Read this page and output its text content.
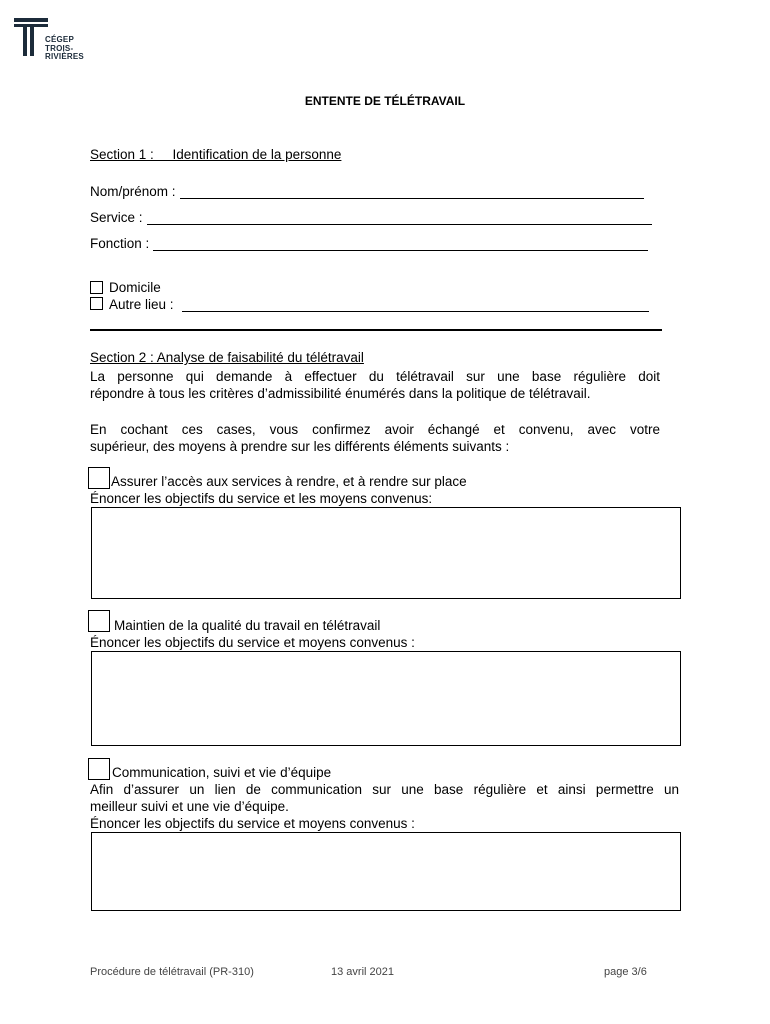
CÉGEP
TROIS-
RIVIÈRES
ENTENTE DE TÉLÉTRAVAIL
Section 1 :     Identification de la personne
Nom/prénom :
Service :
Fonction :
Domicile
Autre lieu :
Section 2 : Analyse de faisabilité du télétravail
La personne qui demande à effectuer du télétravail sur une base régulière doit
répondre à tous les critères d’admissibilité énumérés dans la politique de télétravail.
En cochant ces cases, vous confirmez avoir échangé et convenu, avec votre
supérieur, des moyens à prendre sur les différents éléments suivants :
Assurer l’accès aux services à rendre, et à rendre sur place
Énoncer les objectifs du service et les moyens convenus:
Maintien de la qualité du travail en télétravail
Énoncer les objectifs du service et moyens convenus :
Communication, suivi et vie d’équipe
Afin d’assurer un lien de communication sur une base régulière et ainsi permettre un
meilleur suivi et une vie d’équipe.
Énoncer les objectifs du service et moyens convenus :
Procédure de télétravail (PR-310)	13 avril 2021	page 3/6
